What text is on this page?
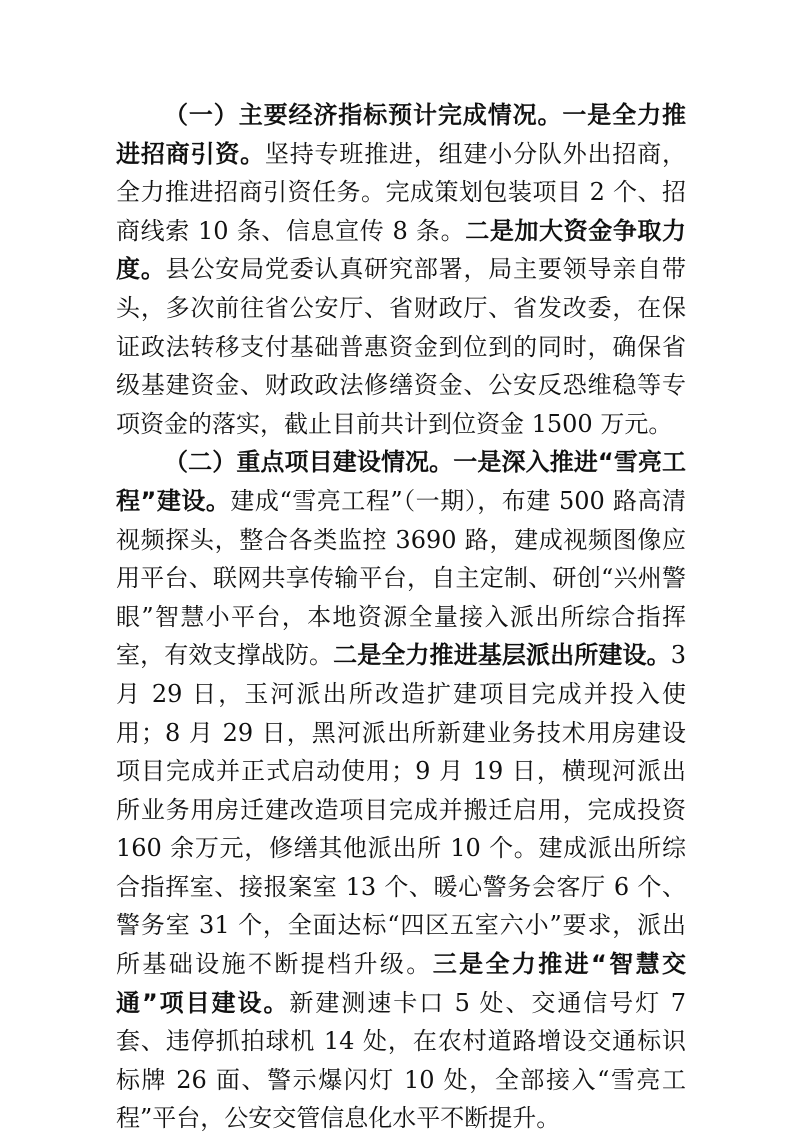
（一）主要经济指标预计完成情况。一是全力推进招商引资。坚持专班推进，组建小分队外出招商，全力推进招商引资任务。完成策划包装项目 2 个、招商线索 10 条、信息宣传 8 条。二是加大资金争取力度。县公安局党委认真研究部署，局主要领导亲自带头，多次前往省公安厅、省财政厅、省发改委，在保证政法转移支付基础普惠资金到位到的同时，确保省级基建资金、财政政法修缮资金、公安反恐维稳等专项资金的落实，截止目前共计到位资金 1500 万元。

（二）重点项目建设情况。一是深入推进“雪亮工程”建设。建成“雪亮工程”（一期），布建 500 路高清视频探头，整合各类监控 3690 路，建成视频图像应用平台、联网共享传输平台，自主定制、研创“兴州警眼”智慧小平台，本地资源全量接入派出所综合指挥室，有效支撑战防。二是全力推进基层派出所建设。3 月 29 日，玉河派出所改造扩建项目完成并投入使用；8 月 29 日，黑河派出所新建业务技术用房建设项目完成并正式启动使用；9 月 19 日，横现河派出所业务用房迁建改造项目完成并搬迁启用，完成投资 160 余万元，修缮其他派出所 10 个。建成派出所综合指挥室、接报案室 13 个、暖心警务会客厅 6 个、警务室 31 个，全面达标“四区五室六小”要求，派出所基础设施不断提档升级。三是全力推进“智慧交通”项目建设。新建测速卡口 5 处、交通信号灯 7 套、违停抓拍球机 14 处，在农村道路增设交通标识标牌 26 面、警示爆闪灯 10 处，全部接入“雪亮工程”平台，公安交管信息化水平不断提升。
